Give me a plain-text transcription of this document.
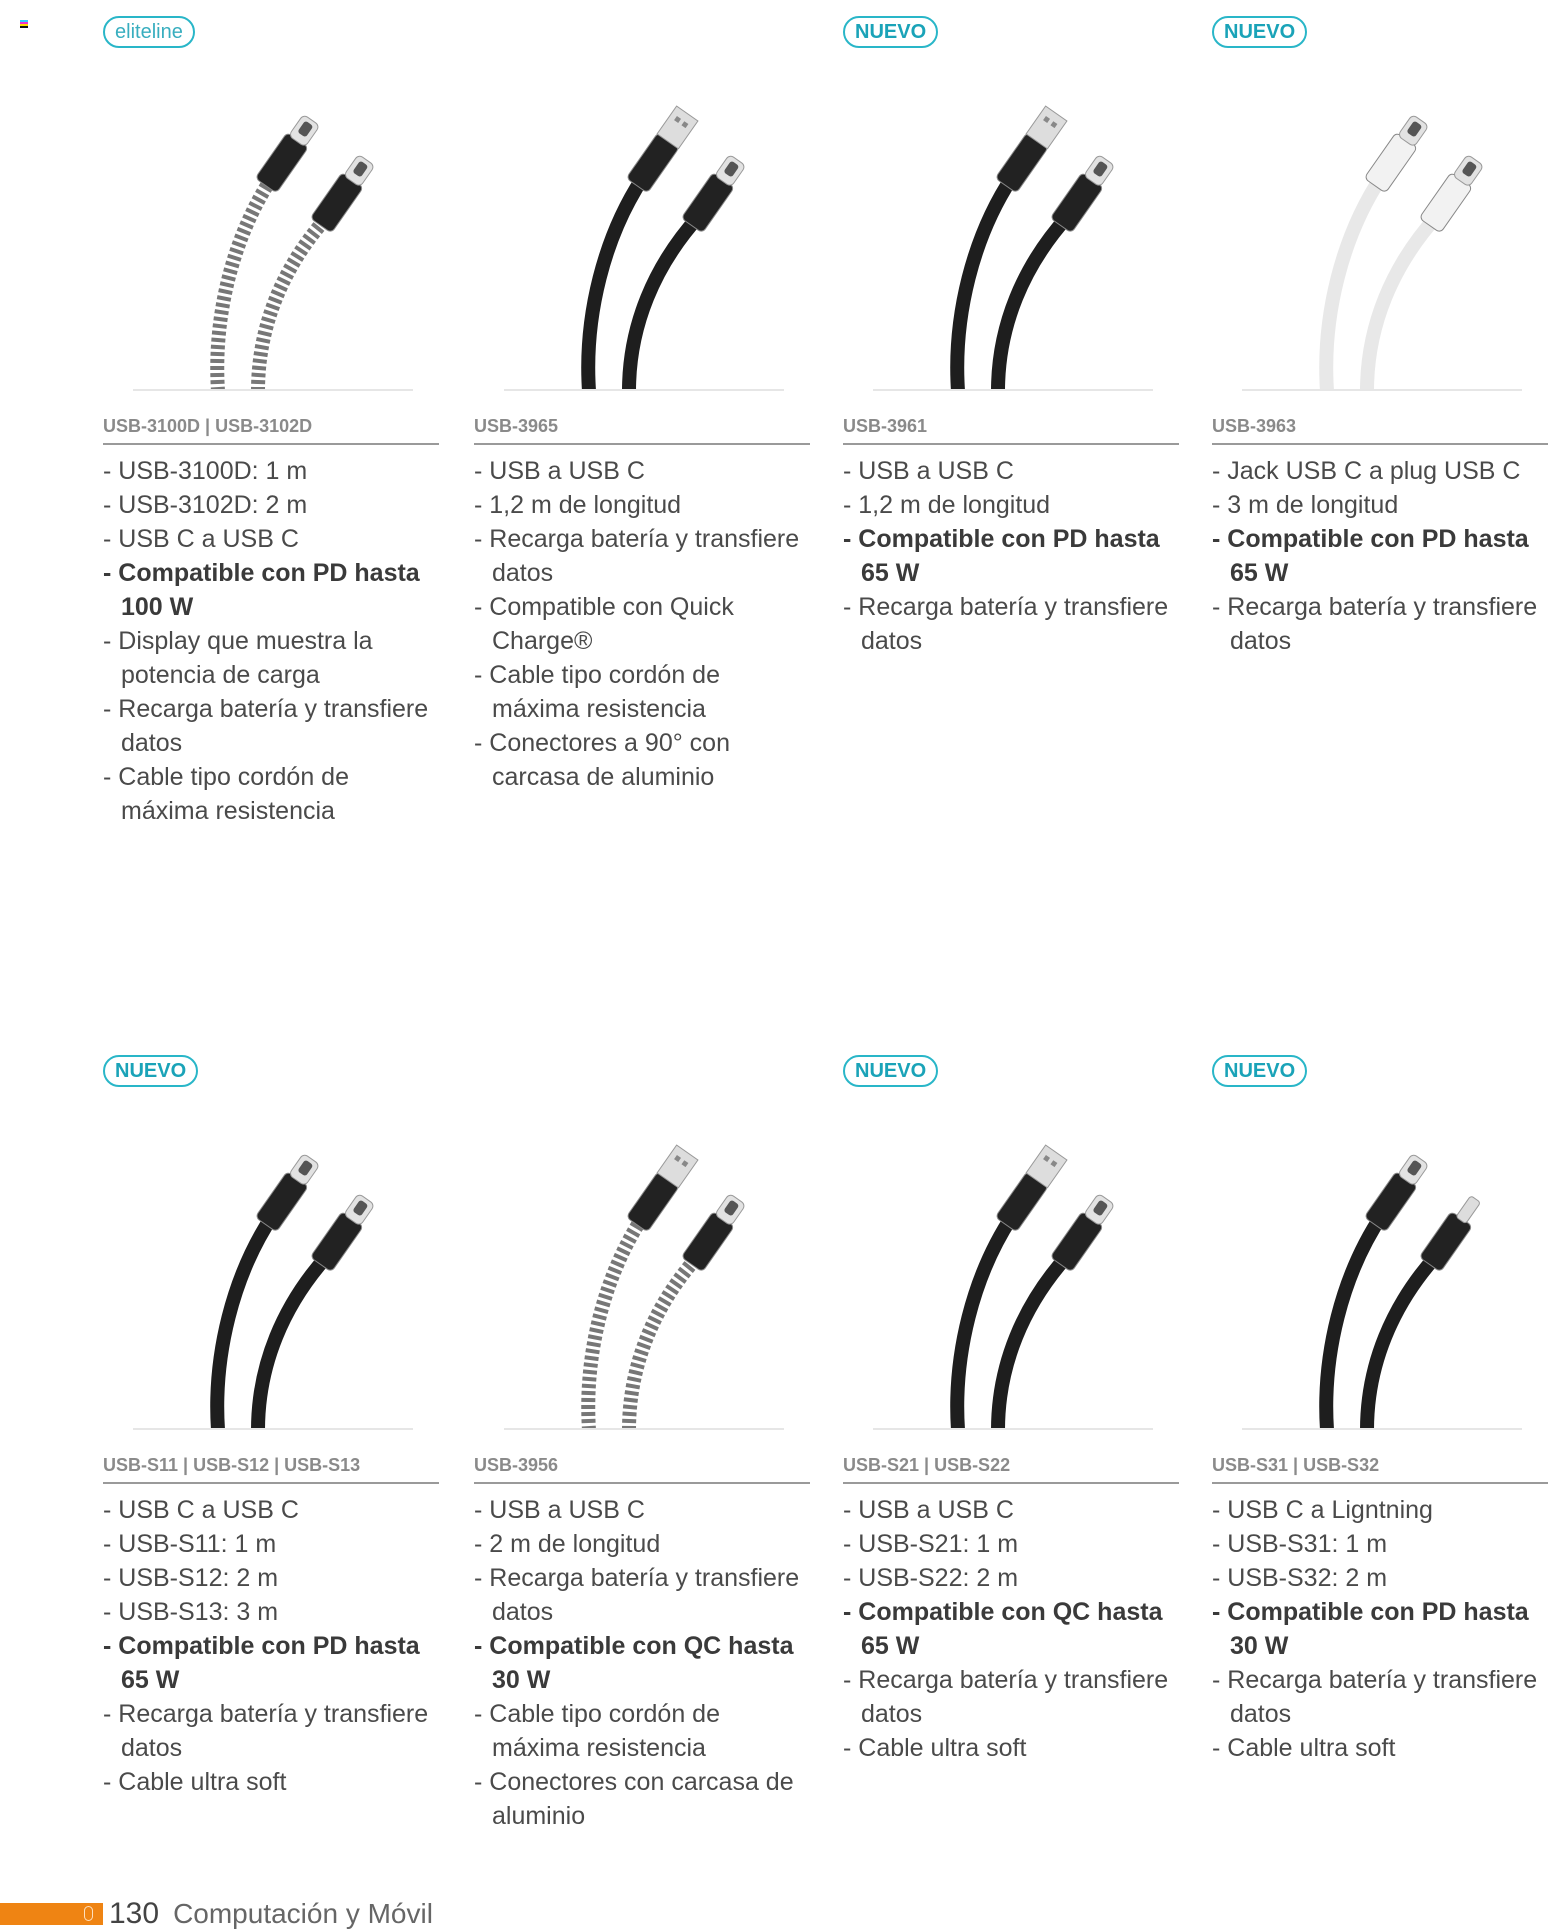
eliteline
USB-3100D | USB-3102D
- USB-3100D: 1 m
- USB-3102D: 2 m
- USB C a USB C
- Compatible con PD hasta 100 W
- Display que muestra la potencia de carga
- Recarga batería y transfiere datos
- Cable tipo cordón de máxima resistencia
USB-3965
- USB a USB C
- 1,2 m de longitud
- Recarga batería y transfiere datos
- Compatible con Quick Charge®
- Cable tipo cordón de máxima resistencia
- Conectores a 90° con carcasa de aluminio
NUEVO
USB-3961
- USB a USB C
- 1,2 m de longitud
- Compatible con PD hasta 65 W
- Recarga batería y transfiere datos
NUEVO
USB-3963
- Jack USB C a plug USB C
- 3 m de longitud
- Compatible con PD hasta 65 W
- Recarga batería y transfiere datos
NUEVO
USB-S11 | USB-S12 | USB-S13
- USB C a USB C
- USB-S11: 1 m
- USB-S12: 2 m
- USB-S13: 3 m
- Compatible con PD hasta 65 W
- Recarga batería y transfiere datos
- Cable ultra soft
USB-3956
- USB a USB C
- 2 m de longitud
- Recarga batería y transfiere datos
- Compatible con QC hasta 30 W
- Cable tipo cordón de máxima resistencia
- Conectores con carcasa de aluminio
NUEVO
USB-S21 | USB-S22
- USB a USB C
- USB-S21: 1 m
- USB-S22: 2 m
- Compatible con QC hasta 65 W
- Recarga batería y transfiere datos
- Cable ultra soft
NUEVO
USB-S31 | USB-S32
- USB C a Ligntning
- USB-S31: 1 m
- USB-S32: 2 m
- Compatible con PD hasta 30 W
- Recarga batería y transfiere datos
- Cable ultra soft
130 Computación y Móvil
